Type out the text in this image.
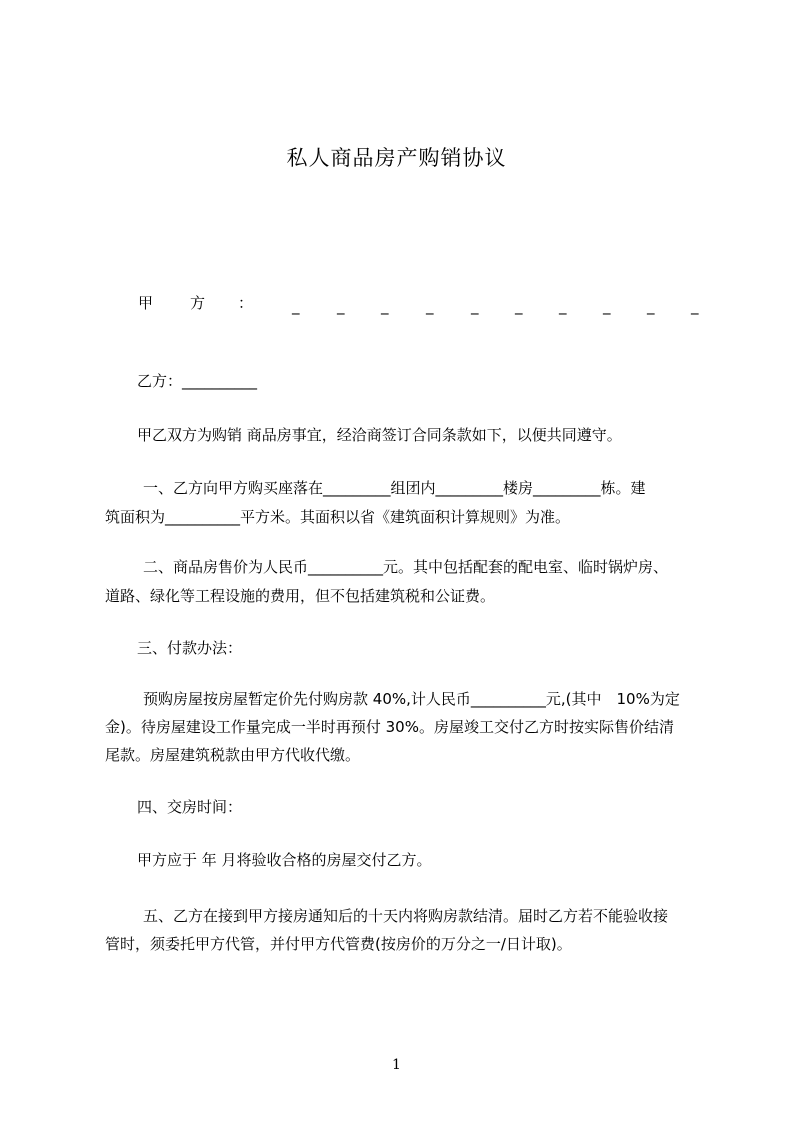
私人商品房产购销协议
甲 方 ：	_	_ _	_	_ _ _ _ _ _
乙方：__________
甲乙双方为购销 商品房事宜，经洽商签订合同条款如下，以便共同遵守。
一、乙方向甲方购买座落在_________组团内_________楼房_________栋。建
筑面积为__________平方米。其面积以省《建筑面积计算规则》为准。
二、商品房售价为人民币__________元。其中包括配套的配电室、临时锅炉房、
道路、绿化等工程设施的费用，但不包括建筑税和公证费。
三、付款办法：
预购房屋按房屋暂定价先付购房款 40%,计人民币__________元,(其中　10%为定
金)。待房屋建设工作量完成一半时再预付 30%。房屋竣工交付乙方时按实际售价结清
尾款。房屋建筑税款由甲方代收代缴。
四、交房时间：
甲方应于 年 月将验收合格的房屋交付乙方。
五、乙方在接到甲方接房通知后的十天内将购房款结清。届时乙方若不能验收接
管时，须委托甲方代管，并付甲方代管费(按房价的万分之一/日计取)。
1
